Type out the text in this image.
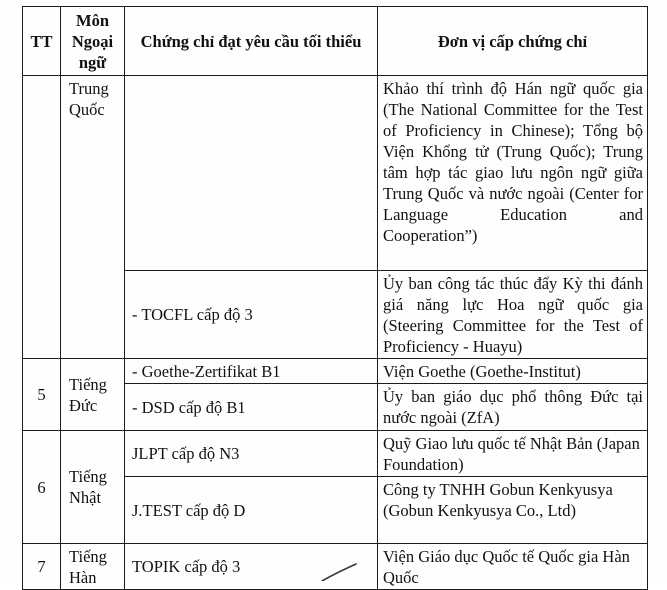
TT	Môn Ngoại ngữ	Chứng chỉ đạt yêu cầu tối thiểu	Đơn vị cấp chứng chỉ
	Trung Quốc		Khảo thí trình độ Hán ngữ quốc gia (The National Committee for the Test of Proficiency in Chinese); Tổng bộ Viện Khổng tử (Trung Quốc); Trung tâm hợp tác giao lưu ngôn ngữ giữa Trung Quốc và nước ngoài (Center for Language Education and Cooperation”)
		- TOCFL cấp độ 3	Ủy ban công tác thúc đẩy Kỳ thi đánh giá năng lực Hoa ngữ quốc gia (Steering Committee for the Test of Proficiency - Huayu)
5	Tiếng Đức	- Goethe-Zertifikat B1	Viện Goethe (Goethe-Institut)
		- DSD cấp độ B1	Ủy ban giáo dục phổ thông Đức tại nước ngoài (ZfA)
6	Tiếng Nhật	JLPT cấp độ N3	Quỹ Giao lưu quốc tế Nhật Bản (Japan Foundation)
		J.TEST cấp độ D	Công ty TNHH Gobun Kenkyusya (Gobun Kenkyusya Co., Ltd)
7	Tiếng Hàn	TOPIK cấp độ 3	Viện Giáo dục Quốc tế Quốc gia Hàn Quốc
